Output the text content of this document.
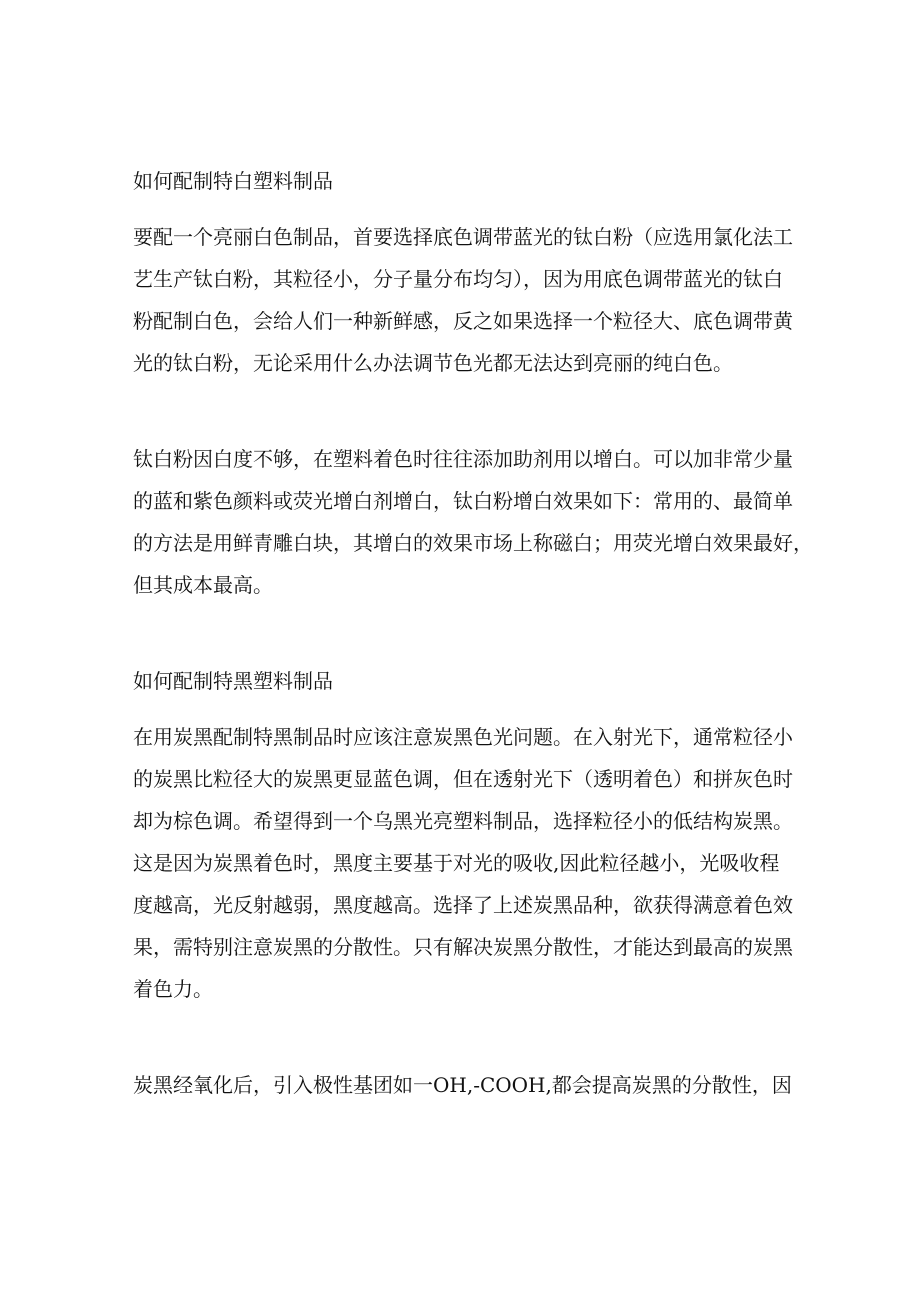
如何配制特白塑料制品
要配一个亮丽白色制品，首要选择底色调带蓝光的钛白粉（应选用氯化法工
艺生产钛白粉，其粒径小，分子量分布均匀），因为用底色调带蓝光的钛白
粉配制白色，会给人们一种新鲜感，反之如果选择一个粒径大、底色调带黄
光的钛白粉，无论采用什么办法调节色光都无法达到亮丽的纯白色。
钛白粉因白度不够，在塑料着色时往往添加助剂用以增白。可以加非常少量
的蓝和紫色颜料或荧光增白剂增白，钛白粉增白效果如下：常用的、最简单
的方法是用鲜青雕白块，其增白的效果市场上称磁白；用荧光增白效果最好，
但其成本最高。
如何配制特黑塑料制品
在用炭黑配制特黑制品时应该注意炭黑色光问题。在入射光下，通常粒径小
的炭黑比粒径大的炭黑更显蓝色调，但在透射光下（透明着色）和拼灰色时
却为棕色调。希望得到一个乌黑光亮塑料制品，选择粒径小的低结构炭黑。
这是因为炭黑着色时，黑度主要基于对光的吸收,因此粒径越小，光吸收程
度越高，光反射越弱，黑度越高。选择了上述炭黑品种，欲获得满意着色效
果，需特别注意炭黑的分散性。只有解决炭黑分散性，才能达到最高的炭黑
着色力。
炭黑经氧化后，引入极性基团如一OH,-COOH,都会提高炭黑的分散性，因
